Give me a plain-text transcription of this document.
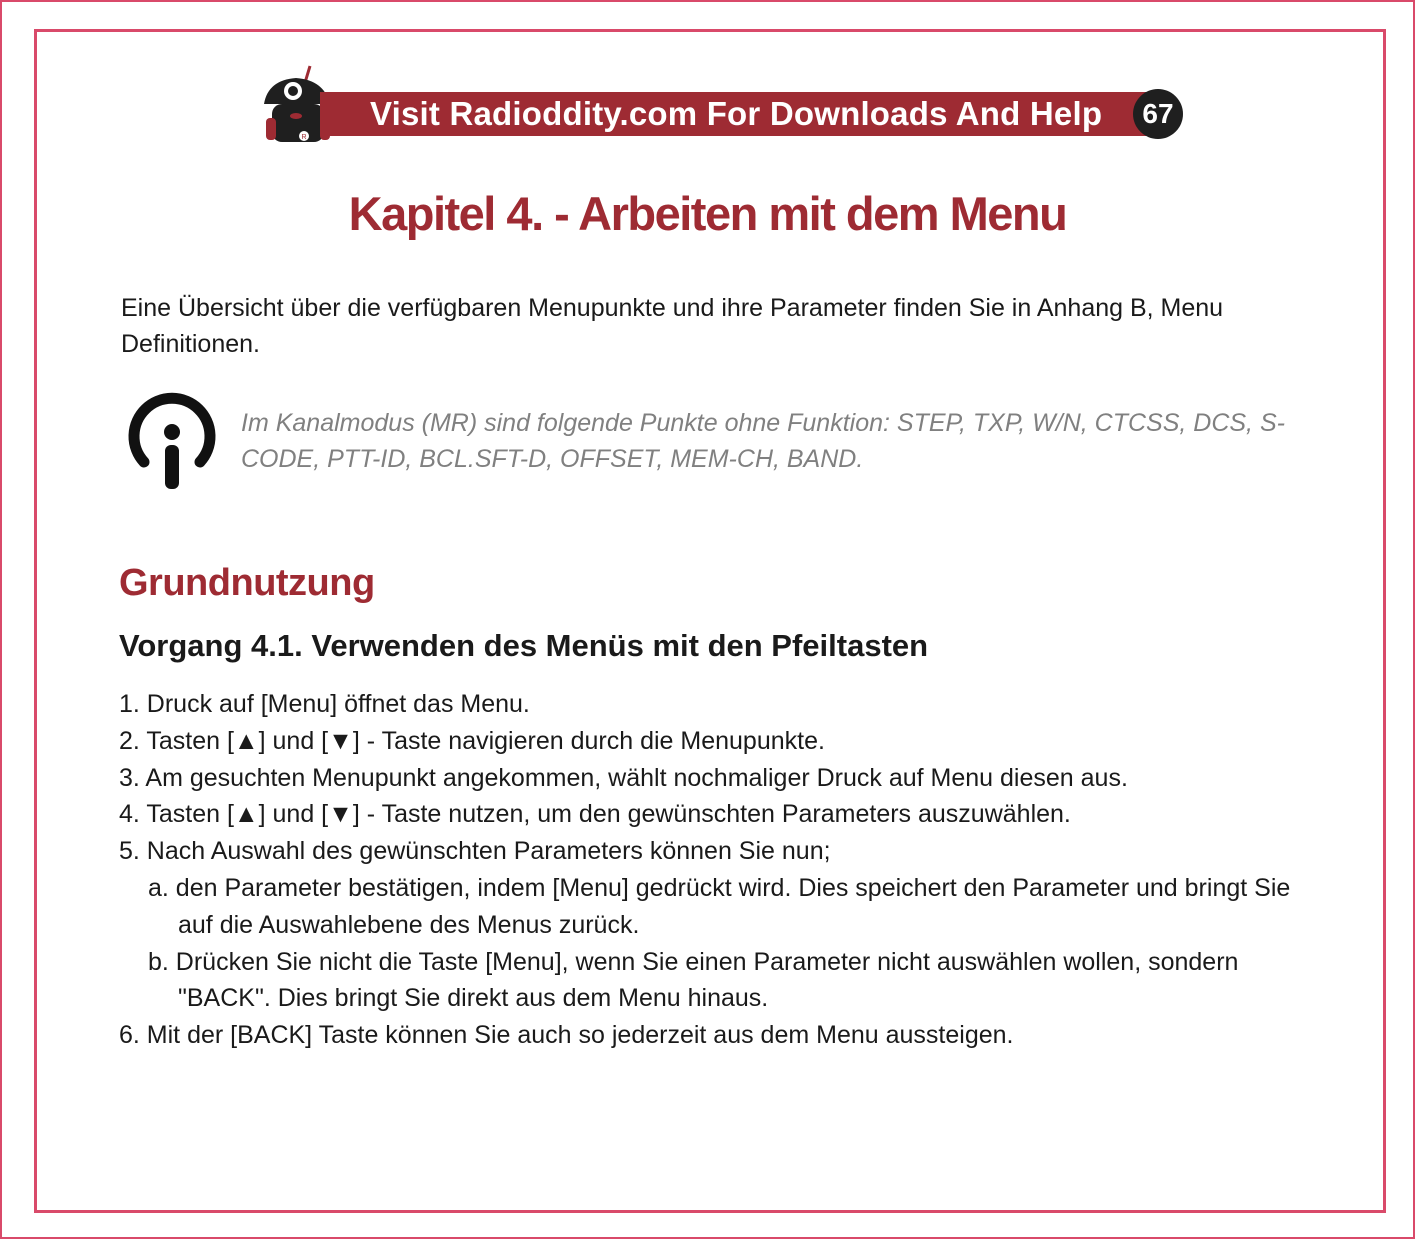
R
Visit Radioddity.com For Downloads And Help	67
Kapitel 4. - Arbeiten mit dem Menu

Eine Übersicht über die verfügbaren Menupunkte und ihre Parameter finden Sie in Anhang B, Menu Definitionen.

Im Kanalmodus (MR) sind folgende Punkte ohne Funktion: STEP, TXP, W/N, CTCSS, DCS, S-CODE, PTT-ID, BCL.SFT-D, OFFSET, MEM-CH, BAND.

Grundnutzung
Vorgang 4.1. Verwenden des Menüs mit den Pfeiltasten
1. Druck auf [Menu] öffnet das Menu.
2. Tasten [▲] und [▼] - Taste navigieren durch die Menupunkte.
3. Am gesuchten Menupunkt angekommen, wählt nochmaliger Druck auf Menu diesen aus.
4. Tasten [▲] und [▼] - Taste nutzen, um den gewünschten Parameters auszuwählen.
5. Nach Auswahl des gewünschten Parameters können Sie nun;
a. den Parameter bestätigen, indem [Menu] gedrückt wird. Dies speichert den Parameter und bringt Sie auf die Auswahlebene des Menus zurück.
b. Drücken Sie nicht die Taste [Menu], wenn Sie einen Parameter nicht auswählen wollen, sondern "BACK". Dies bringt Sie direkt aus dem Menu hinaus.
6. Mit der [BACK] Taste können Sie auch so jederzeit aus dem Menu aussteigen.
